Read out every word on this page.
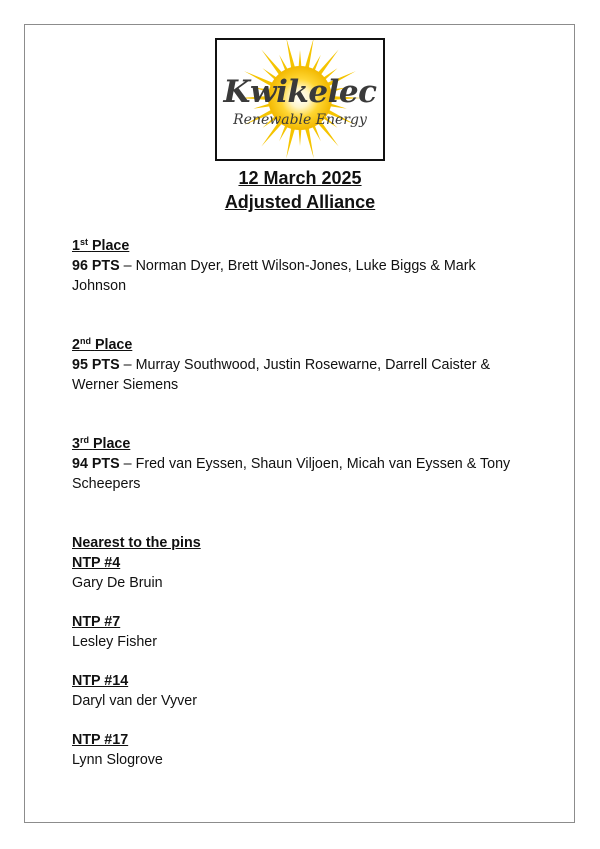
Kwikelec
Renewable Energy
12 March 2025
Adjusted Alliance
1st Place
96 PTS – Norman Dyer, Brett Wilson-Jones, Luke Biggs & Mark Johnson
2nd Place
95 PTS – Murray Southwood, Justin Rosewarne, Darrell Caister & Werner Siemens
3rd Place
94 PTS – Fred van Eyssen, Shaun Viljoen, Micah van Eyssen & Tony Scheepers
Nearest to the pins
NTP #4
Gary De Bruin
NTP #7
Lesley Fisher
NTP #14
Daryl van der Vyver
NTP #17
Lynn Slogrove
